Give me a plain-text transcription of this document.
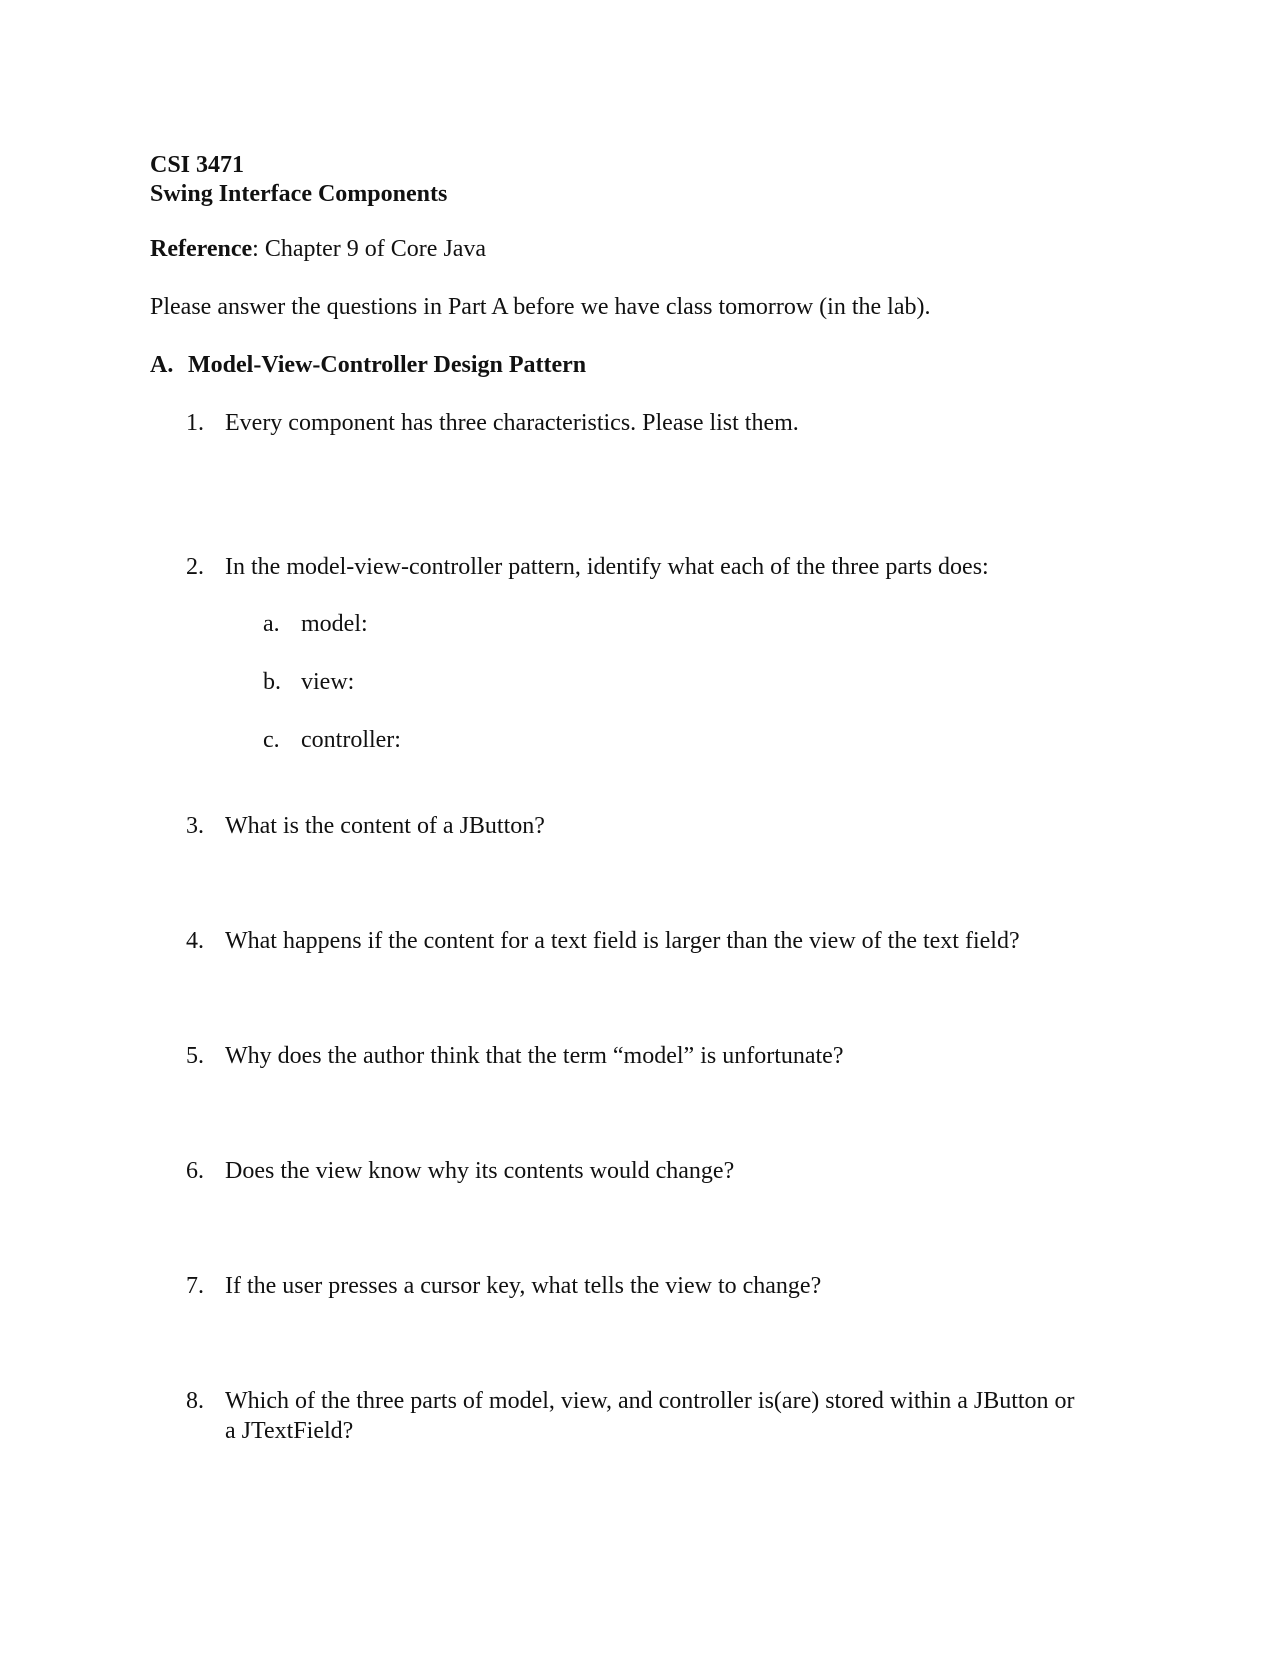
CSI 3471
Swing Interface Components
Reference: Chapter 9 of Core Java
Please answer the questions in Part A before we have class tomorrow (in the lab).
A. Model-View-Controller Design Pattern
1. Every component has three characteristics. Please list them.
2. In the model-view-controller pattern, identify what each of the three parts does:
a. model:
b. view:
c. controller:
3. What is the content of a JButton?
4. What happens if the content for a text field is larger than the view of the text field?
5. Why does the author think that the term “model” is unfortunate?
6. Does the view know why its contents would change?
7. If the user presses a cursor key, what tells the view to change?
8. Which of the three parts of model, view, and controller is(are) stored within a JButton or
a JTextField?
